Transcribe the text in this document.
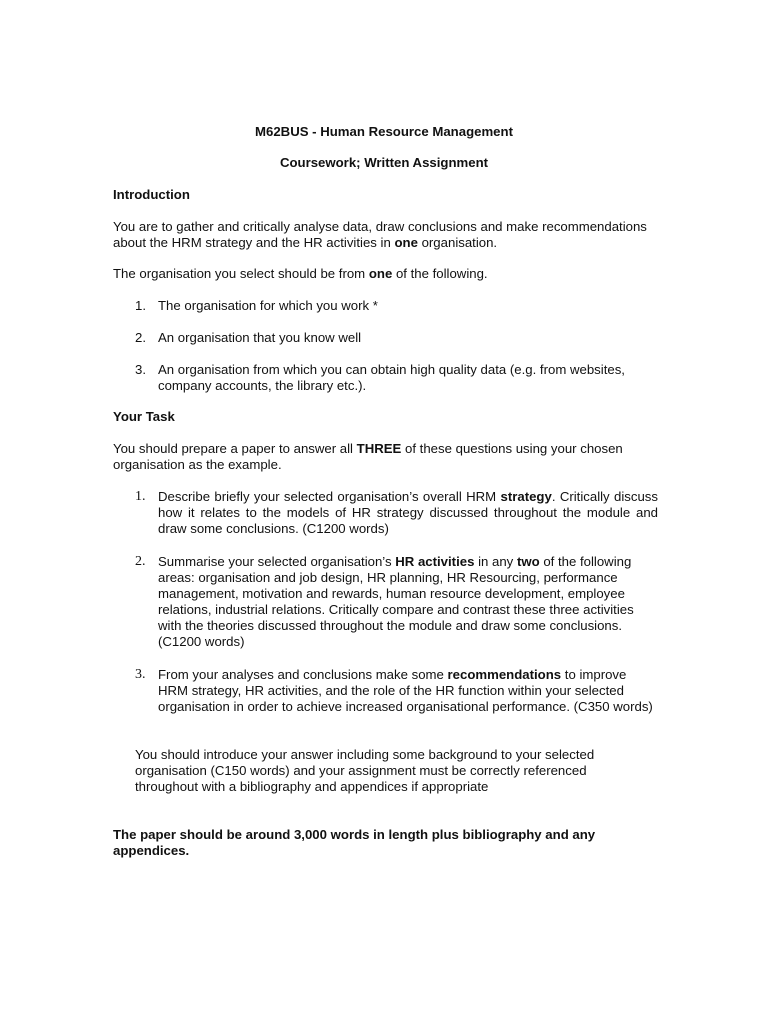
M62BUS - Human Resource Management

Coursework; Written Assignment

Introduction

You are to gather and critically analyse data, draw conclusions and make recommendations about the HRM strategy and the HR activities in one organisation.

The organisation you select should be from one of the following.

1. The organisation for which you work *
2. An organisation that you know well
3. An organisation from which you can obtain high quality data (e.g. from websites, company accounts, the library etc.).

Your Task

You should prepare a paper to answer all THREE of these questions using your chosen organisation as the example.

1. Describe briefly your selected organisation’s overall HRM strategy. Critically discuss how it relates to the models of HR strategy discussed throughout the module and draw some conclusions. (C1200 words)

2. Summarise your selected organisation’s HR activities in any two of the following areas: organisation and job design, HR planning, HR Resourcing, performance management, motivation and rewards, human resource development, employee relations, industrial relations. Critically compare and contrast these three activities with the theories discussed throughout the module and draw some conclusions. (C1200 words)

3. From your analyses and conclusions make some recommendations to improve HRM strategy, HR activities, and the role of the HR function within your selected organisation in order to achieve increased organisational performance. (C350 words)

You should introduce your answer including some background to your selected organisation (C150 words) and your assignment must be correctly referenced throughout with a bibliography and appendices if appropriate

The paper should be around 3,000 words in length plus bibliography and any appendices.
